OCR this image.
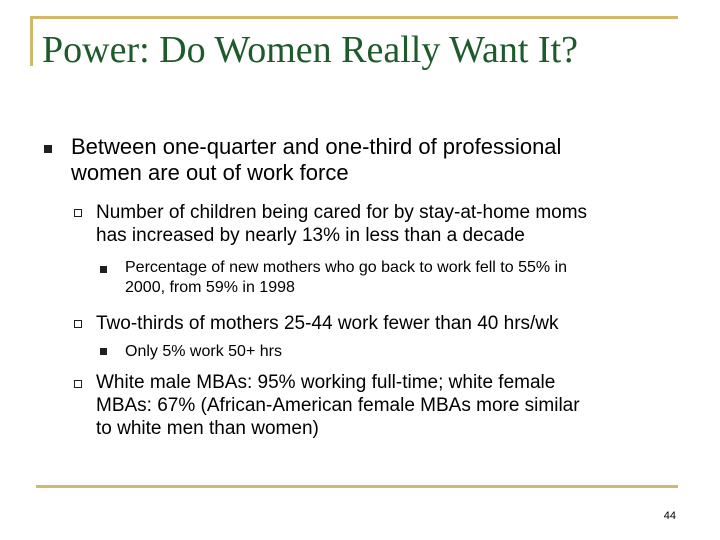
Power: Do Women Really Want It?

Between one-quarter and one-third of professional
women are out of work force

Number of children being cared for by stay-at-home moms
has increased by nearly 13% in less than a decade

Percentage of new mothers who go back to work fell to 55% in
2000, from 59% in 1998

Two-thirds of mothers 25-44 work fewer than 40 hrs/wk

Only 5% work 50+ hrs

White male MBAs: 95% working full-time; white female
MBAs: 67% (African-American female MBAs more similar
to white men than women)

44
